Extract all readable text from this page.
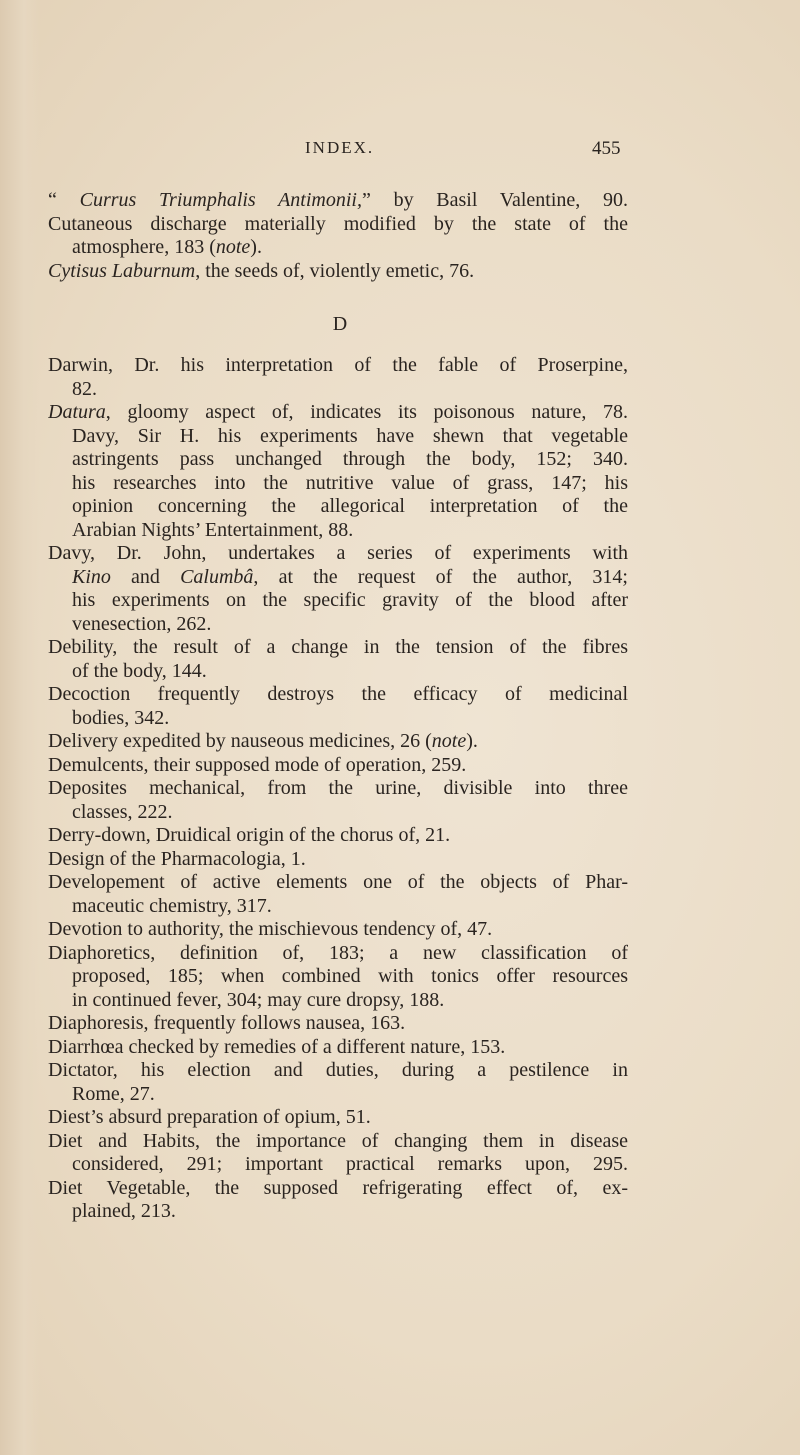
INDEX.	455
D
“ Currus Triumphalis Antimonii,” by Basil Valentine, 90.
Cutaneous discharge materially modified by the state of the
atmosphere, 183 (note).
Cytisus Laburnum, the seeds of, violently emetic, 76.
Darwin, Dr. his interpretation of the fable of Proserpine,
82.
Datura, gloomy aspect of, indicates its poisonous nature, 78.
Davy, Sir H. his experiments have shewn that vegetable
astringents pass unchanged through the body, 152; 340.
his researches into the nutritive value of grass, 147; his
opinion concerning the allegorical interpretation of the
Arabian Nights’ Entertainment, 88.
Davy, Dr. John, undertakes a series of experiments with
Kino and Calumbâ, at the request of the author, 314;
his experiments on the specific gravity of the blood after
venesection, 262.
Debility, the result of a change in the tension of the fibres
of the body, 144.
Decoction frequently destroys the efficacy of medicinal
bodies, 342.
Delivery expedited by nauseous medicines, 26 (note).
Demulcents, their supposed mode of operation, 259.
Deposites mechanical, from the urine, divisible into three
classes, 222.
Derry-down, Druidical origin of the chorus of, 21.
Design of the Pharmacologia, 1.
Developement of active elements one of the objects of Phar-
maceutic chemistry, 317.
Devotion to authority, the mischievous tendency of, 47.
Diaphoretics, definition of, 183; a new classification of
proposed, 185; when combined with tonics offer resources
in continued fever, 304; may cure dropsy, 188.
Diaphoresis, frequently follows nausea, 163.
Diarrhœa checked by remedies of a different nature, 153.
Dictator, his election and duties, during a pestilence in
Rome, 27.
Diest’s absurd preparation of opium, 51.
Diet and Habits, the importance of changing them in disease
considered, 291; important practical remarks upon, 295.
Diet Vegetable, the supposed refrigerating effect of, ex-
plained, 213.
